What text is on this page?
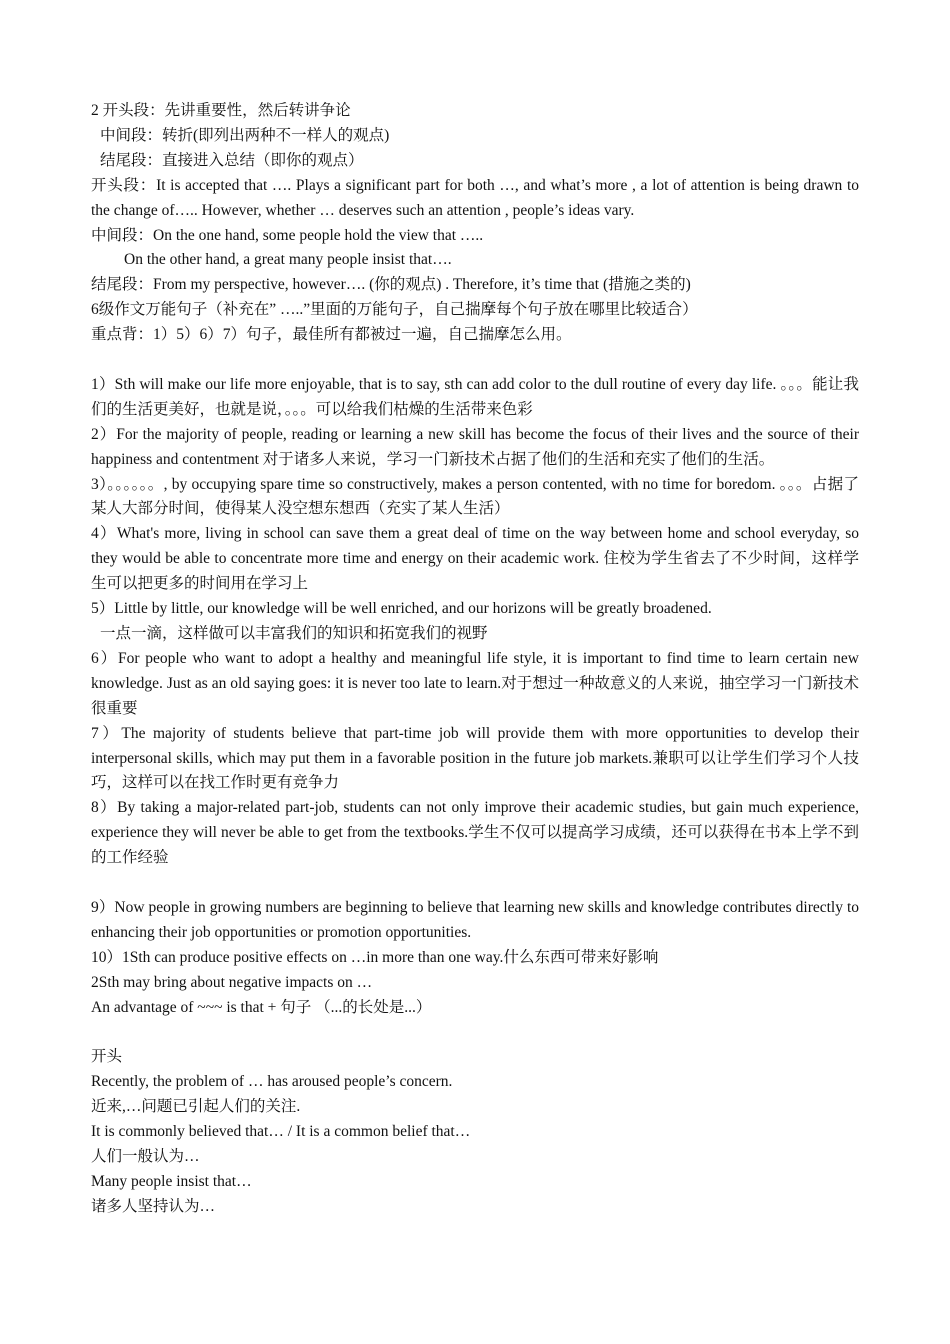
2 开头段：先讲重要性，然后转讲争论
中间段：转折(即列出两种不一样人的观点)
结尾段：直接进入总结（即你的观点）
开头段：It is accepted that …. Plays a significant part for both …, and what’s more , a lot of attention is being drawn to the change of….. However, whether … deserves such an attention , people’s ideas vary.
中间段：On the one hand, some people hold the view that …..
On the other hand, a great many people insist that….
结尾段：From my perspective, however…. (你的观点) . Therefore, it’s time that (措施之类的)
6级作文万能句子（补充在” …..”里面的万能句子，自己揣摩每个句子放在哪里比较适合）
重点背：1）5）6）7）句子，最佳所有都被过一遍，自己揣摩怎么用。
1）Sth will make our life more enjoyable, that is to say, sth can add color to the dull routine of every day life. 。。。能让我们的生活更美好，也就是说，。。。可以给我们枯燥的生活带来色彩
2）For the majority of people, reading or learning a new skill has become the focus of their lives and the source of their happiness and contentment 对于诸多人来说，学习一门新技术占据了他们的生活和充实了他们的生活。
3）。。。。。。, by occupying spare time so constructively, makes a person contented, with no time for boredom. 。。。占据了某人大部分时间，使得某人没空想东想西（充实了某人生活）
4）What's more, living in school can save them a great deal of time on the way between home and school everyday, so they would be able to concentrate more time and energy on their academic work. 住校为学生省去了不少时间，这样学生可以把更多的时间用在学习上
5）Little by little, our knowledge will be well enriched, and our horizons will be greatly broadened.
一点一滴，这样做可以丰富我们的知识和拓宽我们的视野
6）For people who want to adopt a healthy and meaningful life style, it is important to find time to learn certain new knowledge. Just as an old saying goes: it is never too late to learn.对于想过一种故意义的人来说，抽空学习一门新技术很重要
7）The majority of students believe that part-time job will provide them with more opportunities to develop their interpersonal skills, which may put them in a favorable position in the future job markets.兼职可以让学生们学习个人技巧，这样可以在找工作时更有竞争力
8）By taking a major-related part-job, students can not only improve their academic studies, but gain much experience, experience they will never be able to get from the textbooks.学生不仅可以提高学习成绩，还可以获得在书本上学不到的工作经验
9）Now people in growing numbers are beginning to believe that learning new skills and knowledge contributes directly to enhancing their job opportunities or promotion opportunities.
10）1Sth can produce positive effects on …in more than one way.什么东西可带来好影响
2Sth may bring about negative impacts on …
An advantage of ~~~ is that + 句子 （...的长处是...）
开头
Recently, the problem of … has aroused people’s concern.
近来,…问题已引起人们的关注.
It is commonly believed that… / It is a common belief that…
人们一般认为…
Many people insist that…
诸多人坚持认为…
